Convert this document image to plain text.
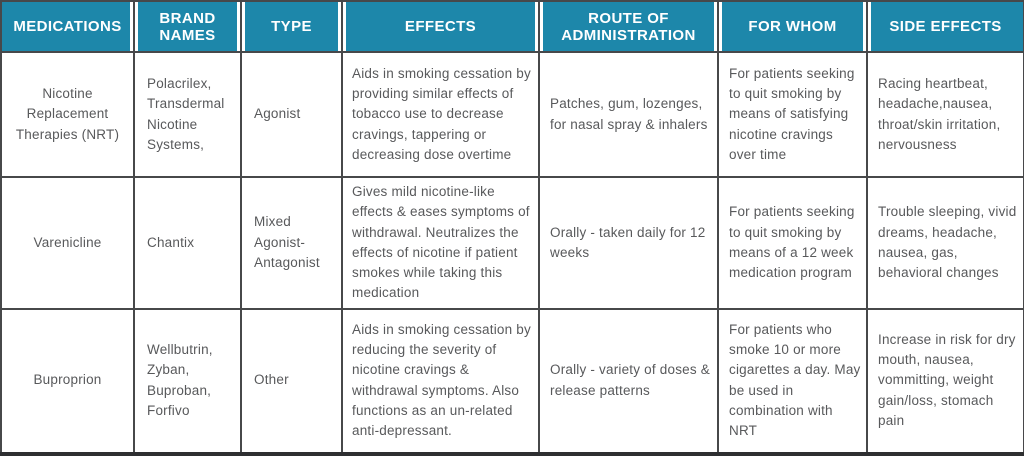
MEDICATIONS	BRAND NAMES	TYPE	EFFECTS	ROUTE OF ADMINISTRATION	FOR WHOM	SIDE EFFECTS
Nicotine Replacement Therapies (NRT)	Polacrilex, Transdermal Nicotine Systems,	Agonist	Aids in smoking cessation by providing similar effects of tobacco use to decrease cravings, tappering or decreasing dose overtime	Patches, gum, lozenges, for nasal spray & inhalers	For patients seeking to quit smoking by means of satisfying nicotine cravings over time	Racing heartbeat, headache,nausea, throat/skin irritation, nervousness
Varenicline	Chantix	Mixed Agonist-Antagonist	Gives mild nicotine-like effects & eases symptoms of withdrawal. Neutralizes the effects of nicotine if patient smokes while taking this medication	Orally - taken daily for 12 weeks	For patients seeking to quit smoking by means of a 12 week medication program	Trouble sleeping, vivid dreams, headache, nausea, gas, behavioral changes
Buproprion	Wellbutrin, Zyban, Buproban, Forfivo	Other	Aids in smoking cessation by reducing the severity of nicotine cravings & withdrawal symptoms. Also functions as an un-related anti-depressant.	Orally - variety of doses & release patterns	For patients who smoke 10 or more cigarettes a day. May be used in combination with NRT	Increase in risk for dry mouth, nausea, vommitting, weight gain/loss, stomach pain
